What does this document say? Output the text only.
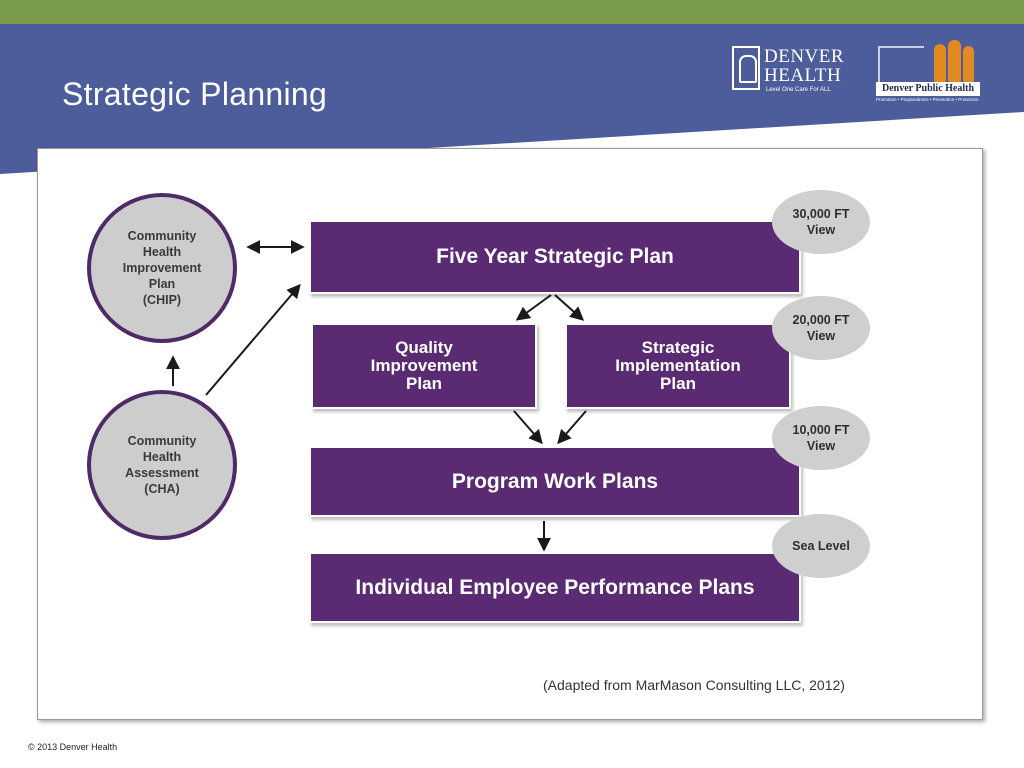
Strategic Planning
DENVER
HEALTH
Level One Care For ALL	Denver Public Health
Promotion • Preparedness • Prevention • Protection
Community
Health
Improvement
Plan
(CHIP)
Community
Health
Assessment
(CHA)
Five Year Strategic Plan
Quality
Improvement
Plan
Strategic
Implementation
Plan
Program Work Plans
Individual Employee Performance Plans
30,000 FT
View
20,000 FT
View
10,000 FT
View
Sea Level
(Adapted from MarMason Consulting LLC, 2012)
© 2013 Denver Health
